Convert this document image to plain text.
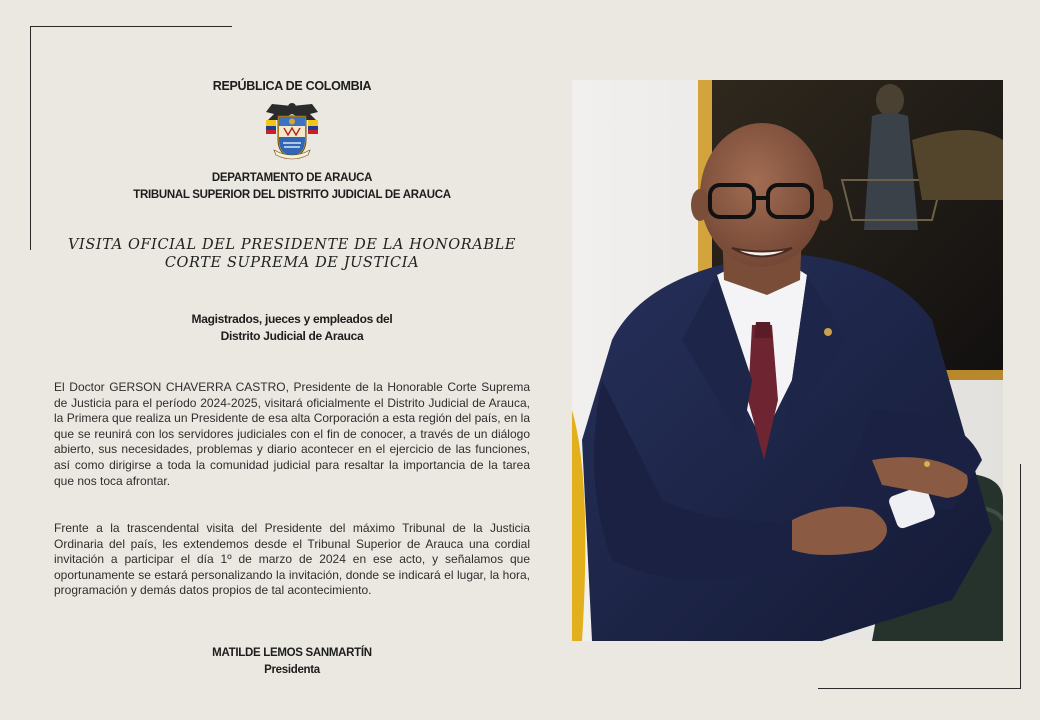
REPÚBLICA DE COLOMBIA
DEPARTAMENTO DE ARAUCA
TRIBUNAL SUPERIOR DEL DISTRITO JUDICIAL DE ARAUCA
VISITA OFICIAL DEL PRESIDENTE DE LA HONORABLE
CORTE SUPREMA DE JUSTICIA
Magistrados, jueces y empleados del
Distrito Judicial de Arauca
El Doctor GERSON CHAVERRA CASTRO, Presidente de la Honorable Corte Suprema de Justicia para el período 2024-2025, visitará oficialmente el Distrito Judicial de Arauca, la Primera que realiza un Presidente de esa alta Corporación a esta región del país, en la que se reunirá con los servidores judiciales con el fin de conocer, a través de un diálogo abierto, sus necesidades, problemas y diario acontecer en el ejercicio de las funciones, así como dirigirse a toda la comunidad judicial para resaltar la importancia de la tarea que nos toca afrontar.
Frente a la trascendental visita del Presidente del máximo Tribunal de la Justicia Ordinaria del país, les extendemos desde el Tribunal Superior de Arauca una cordial invitación a participar el día 1º de marzo de 2024 en ese acto, y señalamos que oportunamente se estará personalizando la invitación, donde se indicará el lugar, la hora, programación y demás datos propios de tal acontecimiento.
MATILDE LEMOS SANMARTÍN
Presidenta
